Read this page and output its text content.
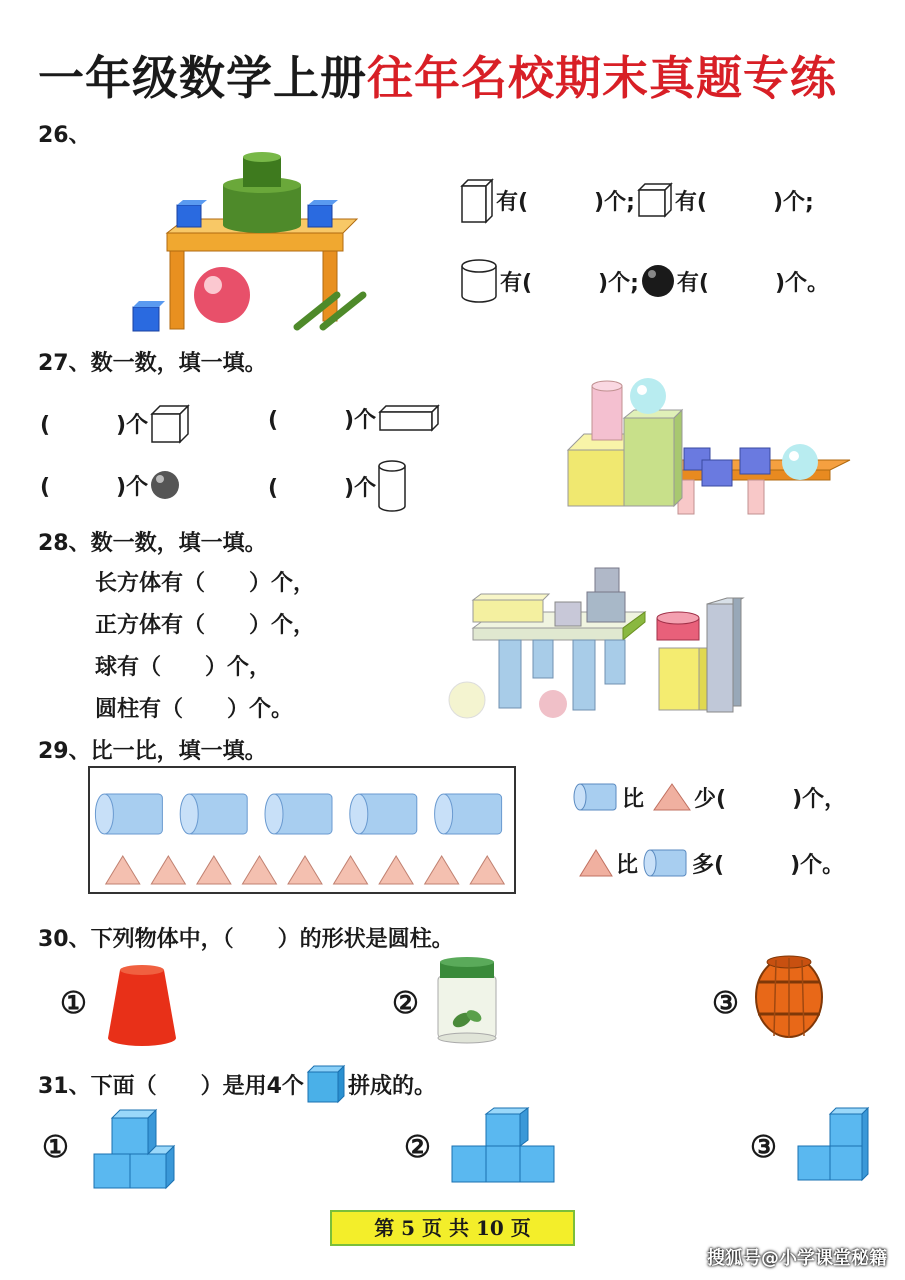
一年级数学上册往年名校期末真题专练
26、
有(　　　)个; 有(　　　)个;
有(　　　)个; 有(　　　)个。
27、数一数，填一填。
(　　　)个	(　　　)个
(　　　)个	(　　　)个
28、数一数，填一填。
长方体有（　　）个，
正方体有（　　）个，
球有（　　）个，
圆柱有（　　）个。
29、比一比，填一填。
比 少(　　　)个，
比 多(　　　)个。
30、下列物体中，（　　）的形状是圆柱。
①	②	③
31、 下面（　　）是用4个 拼成的。
①	②	③
第 5 页 共 10 页
搜狐号@小学课堂秘籍
